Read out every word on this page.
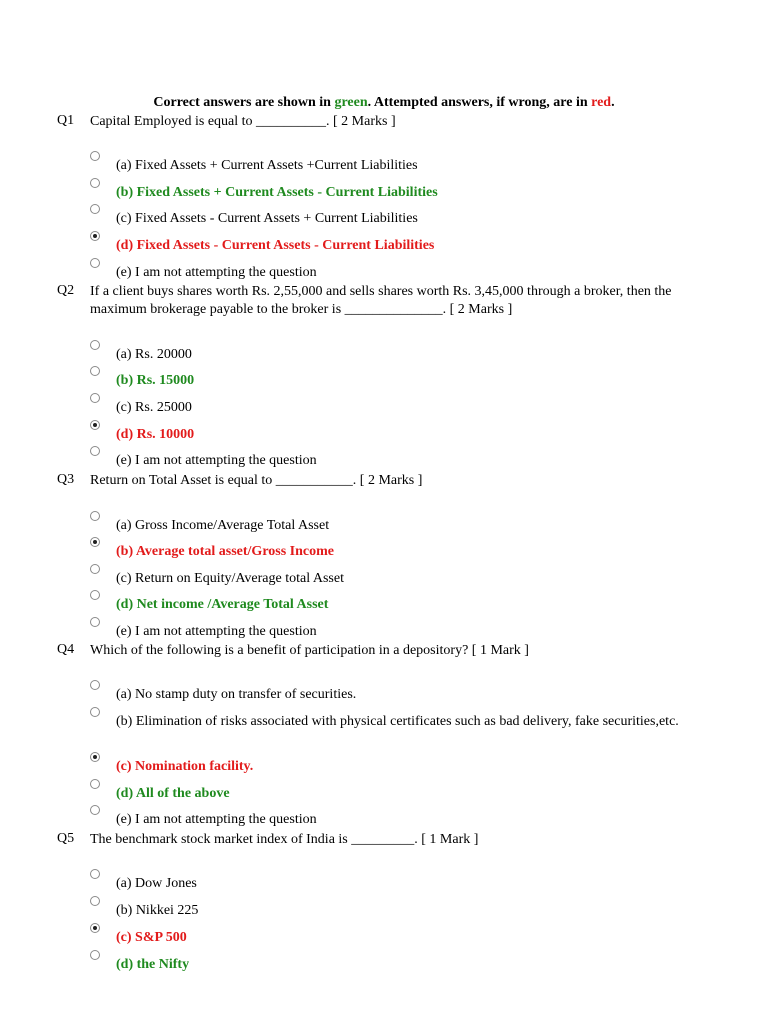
Correct answers are shown in green. Attempted answers, if wrong, are in red.
Q1	Capital Employed is equal to __________. [ 2 Marks ]
(a) Fixed Assets + Current Assets +Current Liabilities
(b) Fixed Assets + Current Assets - Current Liabilities
(c) Fixed Assets - Current Assets + Current Liabilities
(d) Fixed Assets - Current Assets - Current Liabilities
(e) I am not attempting the question
Q2	If a client buys shares worth Rs. 2,55,000 and sells shares worth Rs. 3,45,000 through a broker, then the maximum brokerage payable to the broker is ______________. [ 2 Marks ]
(a) Rs. 20000
(b) Rs. 15000
(c) Rs. 25000
(d) Rs. 10000
(e) I am not attempting the question
Q3	Return on Total Asset is equal to ___________. [ 2 Marks ]
(a) Gross Income/Average Total Asset
(b) Average total asset/Gross Income
(c) Return on Equity/Average total Asset
(d) Net income /Average Total Asset
(e) I am not attempting the question
Q4	Which of the following is a benefit of participation in a depository? [ 1 Mark ]
(a) No stamp duty on transfer of securities.
(b) Elimination of risks associated with physical certificates such as bad delivery, fake securities,etc.
(c) Nomination facility.
(d) All of the above
(e) I am not attempting the question
Q5	The benchmark stock market index of India is _________. [ 1 Mark ]
(a) Dow Jones
(b) Nikkei 225
(c) S&P 500
(d) the Nifty
